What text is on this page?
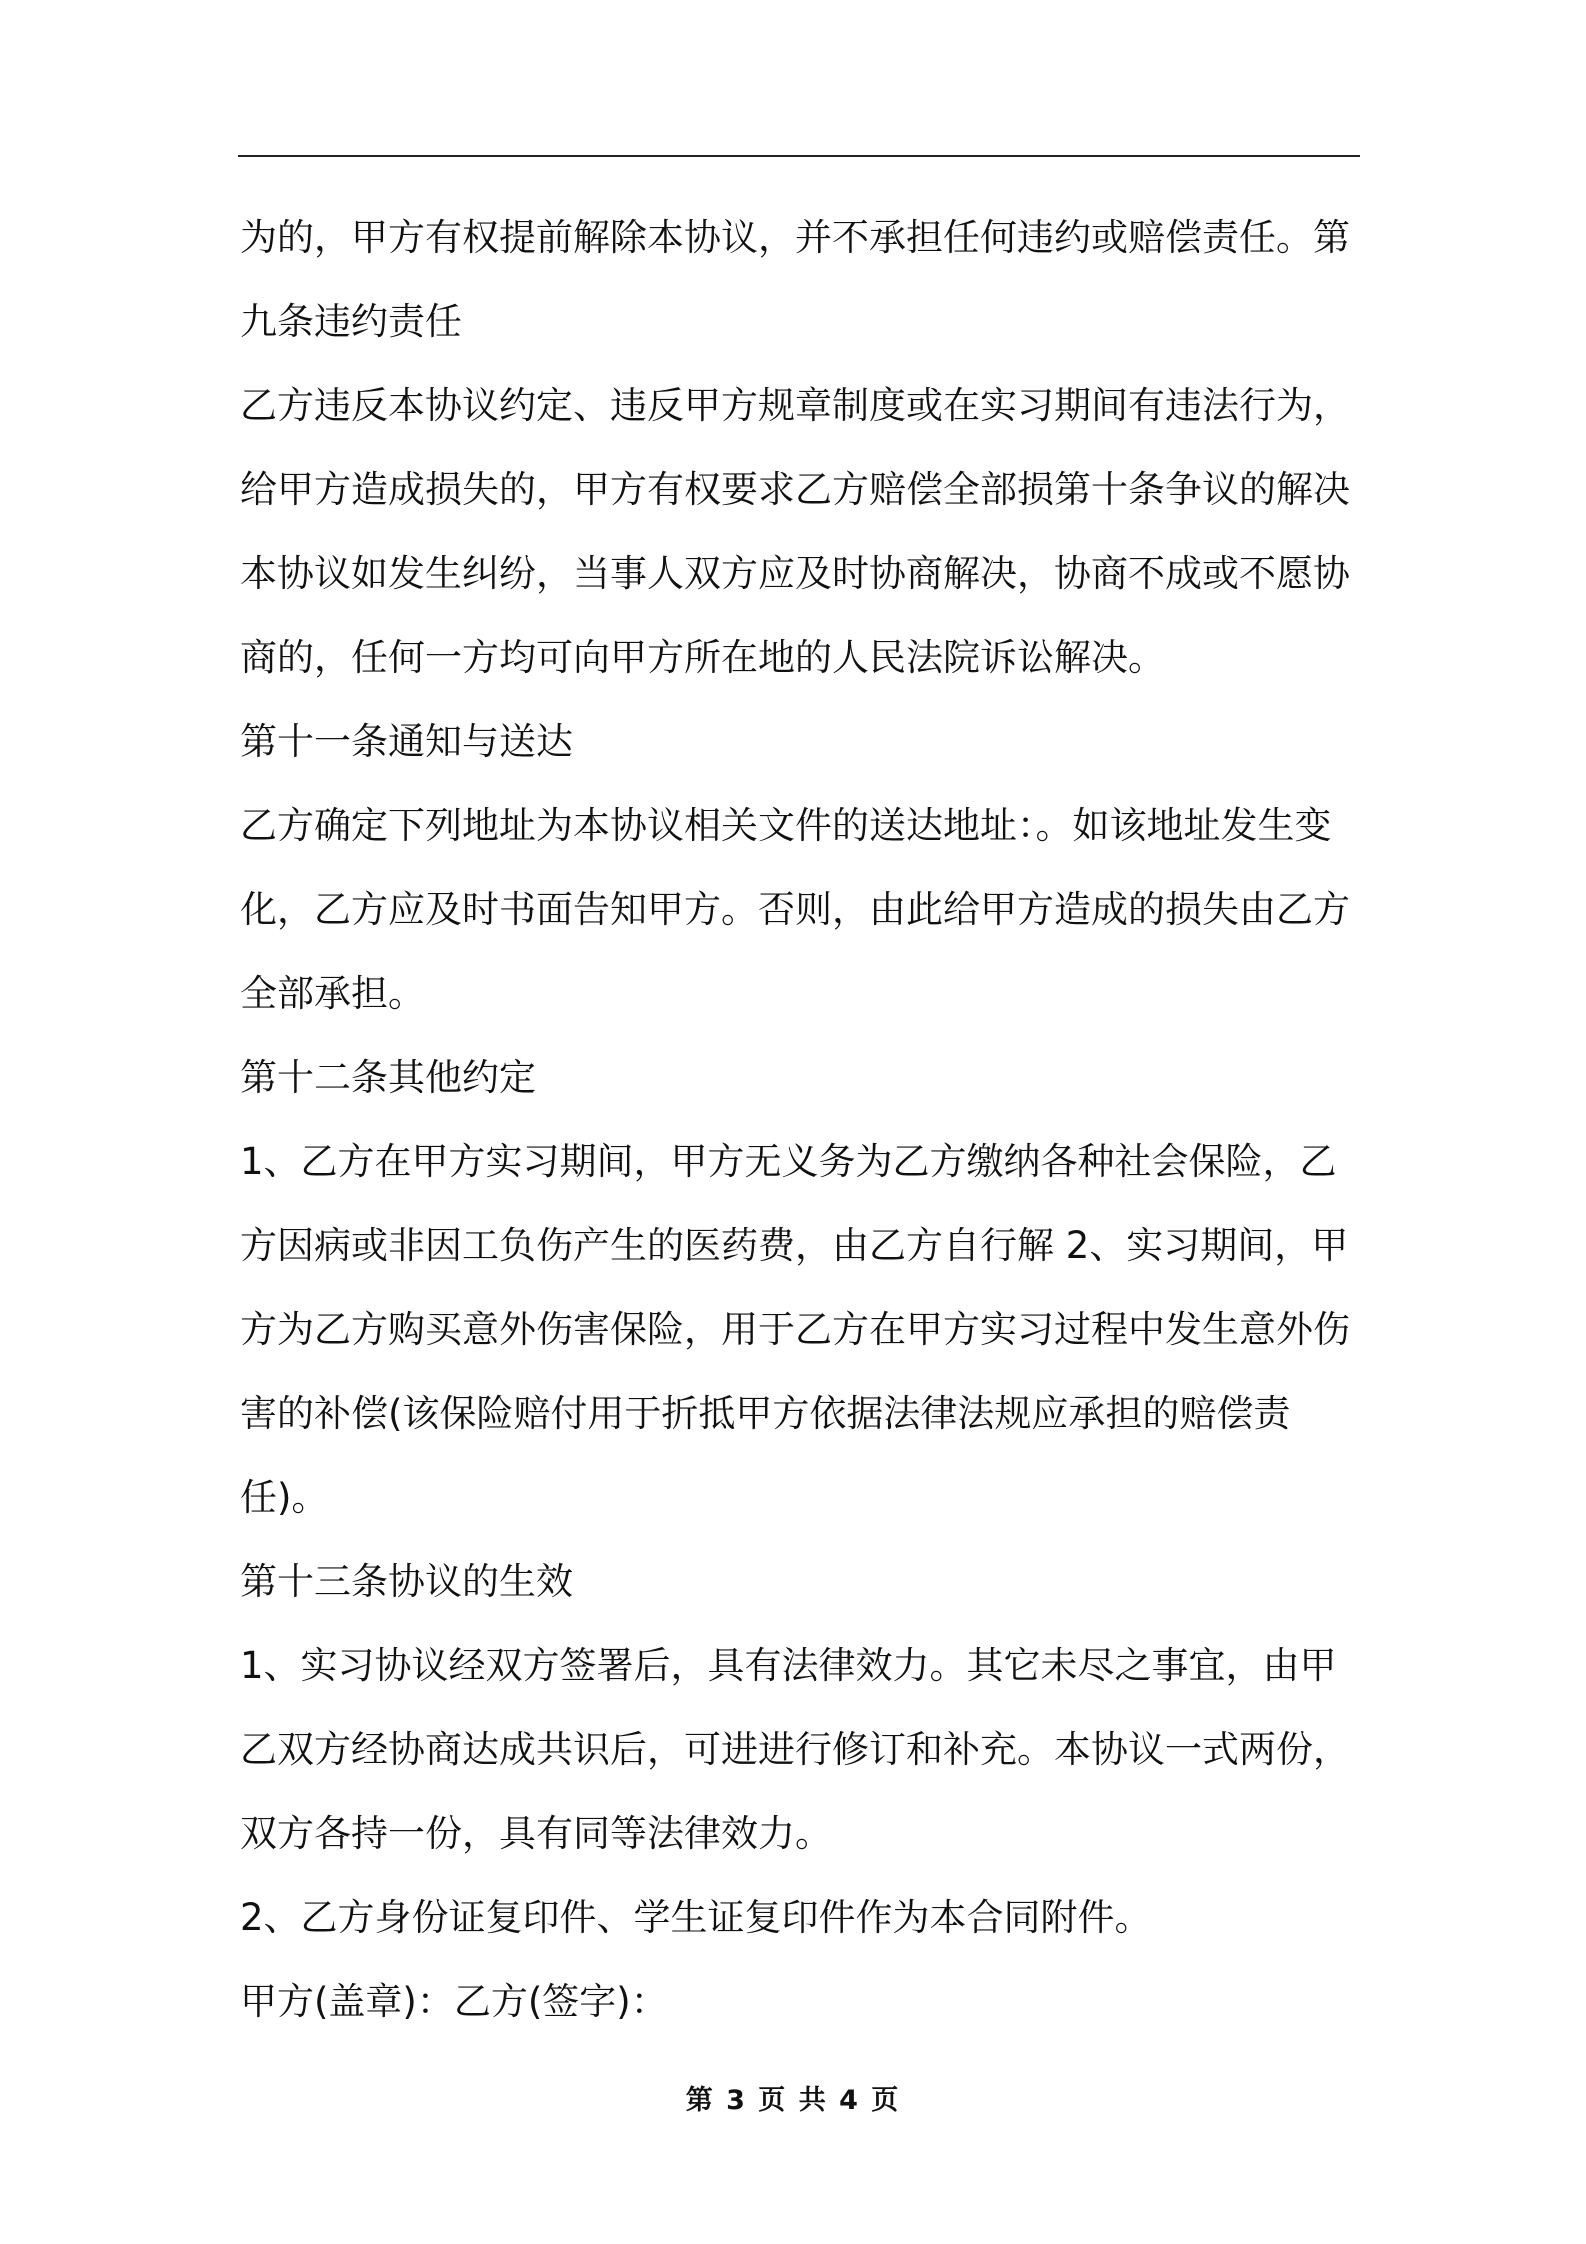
为的，甲方有权提前解除本协议，并不承担任何违约或赔偿责任。第
九条违约责任
乙方违反本协议约定、违反甲方规章制度或在实习期间有违法行为，
给甲方造成损失的，甲方有权要求乙方赔偿全部损第十条争议的解决
本协议如发生纠纷，当事人双方应及时协商解决，协商不成或不愿协
商的，任何一方均可向甲方所在地的人民法院诉讼解决。
第十一条通知与送达
乙方确定下列地址为本协议相关文件的送达地址：。如该地址发生变
化，乙方应及时书面告知甲方。否则，由此给甲方造成的损失由乙方
全部承担。
第十二条其他约定
1、乙方在甲方实习期间，甲方无义务为乙方缴纳各种社会保险，乙
方因病或非因工负伤产生的医药费，由乙方自行解 2、实习期间，甲
方为乙方购买意外伤害保险，用于乙方在甲方实习过程中发生意外伤
害的补偿(该保险赔付用于折抵甲方依据法律法规应承担的赔偿责
任)。
第十三条协议的生效
1、实习协议经双方签署后，具有法律效力。其它未尽之事宜，由甲
乙双方经协商达成共识后，可进进行修订和补充。本协议一式两份，
双方各持一份，具有同等法律效力。
2、乙方身份证复印件、学生证复印件作为本合同附件。
甲方(盖章)：乙方(签字)：
第 3 页 共 4 页
